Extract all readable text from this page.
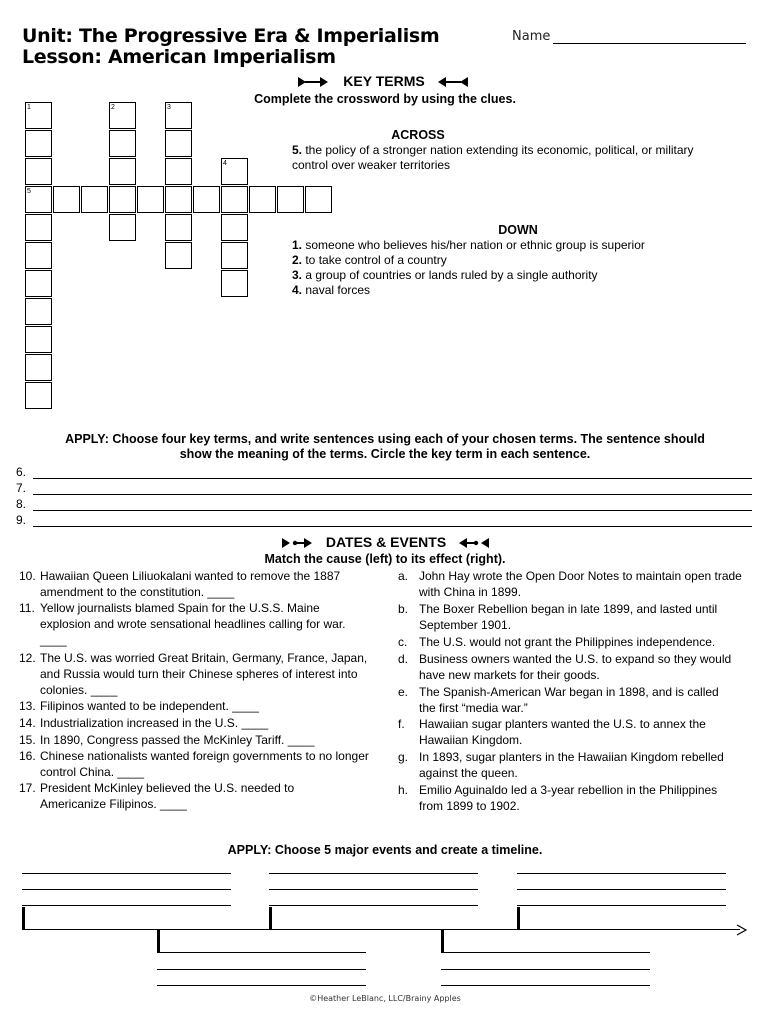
Unit: The Progressive Era & Imperialism
Lesson: American Imperialism
Name
KEY TERMS
Complete the crossword by using the clues.
1	2	3
4
5
ACROSS
5. the policy of a stronger nation extending its economic, political, or military control over weaker territories
DOWN
1. someone who believes his/her nation or ethnic group is superior
2. to take control of a country
3. a group of countries or lands ruled by a single authority
4. naval forces
APPLY: Choose four key terms, and write sentences using each of your chosen terms. The sentence should
show the meaning of the terms. Circle the key term in each sentence.
6.
7.
8.
9.
DATES & EVENTS
Match the cause (left) to its effect (right).
10. Hawaiian Queen Liliuokalani wanted to remove the 1887 amendment to the constitution. ____
11. Yellow journalists blamed Spain for the U.S.S. Maine explosion and wrote sensational headlines calling for war. ____
12. The U.S. was worried Great Britain, Germany, France, Japan, and Russia would turn their Chinese spheres of interest into colonies. ____
13. Filipinos wanted to be independent. ____
14. Industrialization increased in the U.S. ____
15. In 1890, Congress passed the McKinley Tariff. ____
16. Chinese nationalists wanted foreign governments to no longer control China. ____
17. President McKinley believed the U.S. needed to Americanize Filipinos. ____
a. John Hay wrote the Open Door Notes to maintain open trade with China in 1899.
b. The Boxer Rebellion began in late 1899, and lasted until September 1901.
c. The U.S. would not grant the Philippines independence.
d. Business owners wanted the U.S. to expand so they would have new markets for their goods.
e. The Spanish-American War began in 1898, and is called the first “media war.”
f.	Hawaiian sugar planters wanted the U.S. to annex the Hawaiian Kingdom.
g. In 1893, sugar planters in the Hawaiian Kingdom rebelled against the queen.
h. Emilio Aguinaldo led a 3-year rebellion in the Philippines from 1899 to 1902.
APPLY: Choose 5 major events and create a timeline.
©Heather LeBlanc, LLC/Brainy Apples
